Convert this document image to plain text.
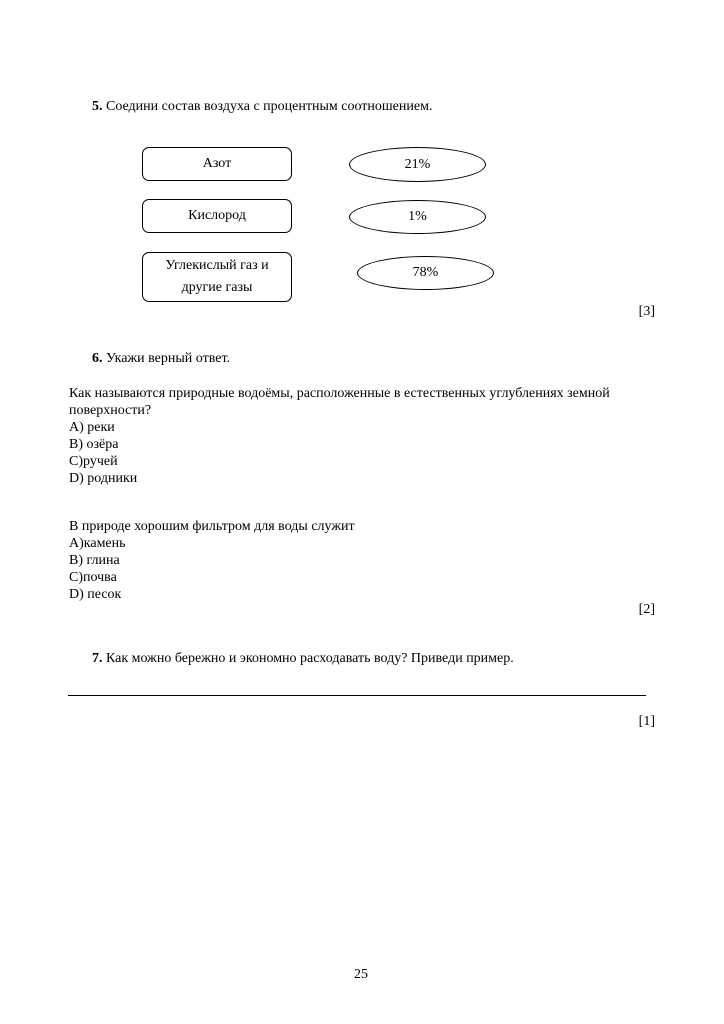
5. Соедини состав воздуха с процентным соотношением.
Азот
Кислород
Углекислый газ и
другие газы
21%
1%
78%
[3]
6. Укажи верный ответ.
Как называются природные водоёмы, расположенные в естественных углублениях земной
поверхности?
A) реки
B) озёра
C)ручей
D) родники
В природе хорошим фильтром для воды служит
A)камень
B) глина
C)почва
D) песок
[2]
7. Как можно бережно и экономно расходавать воду? Приведи пример.
[1]
25
